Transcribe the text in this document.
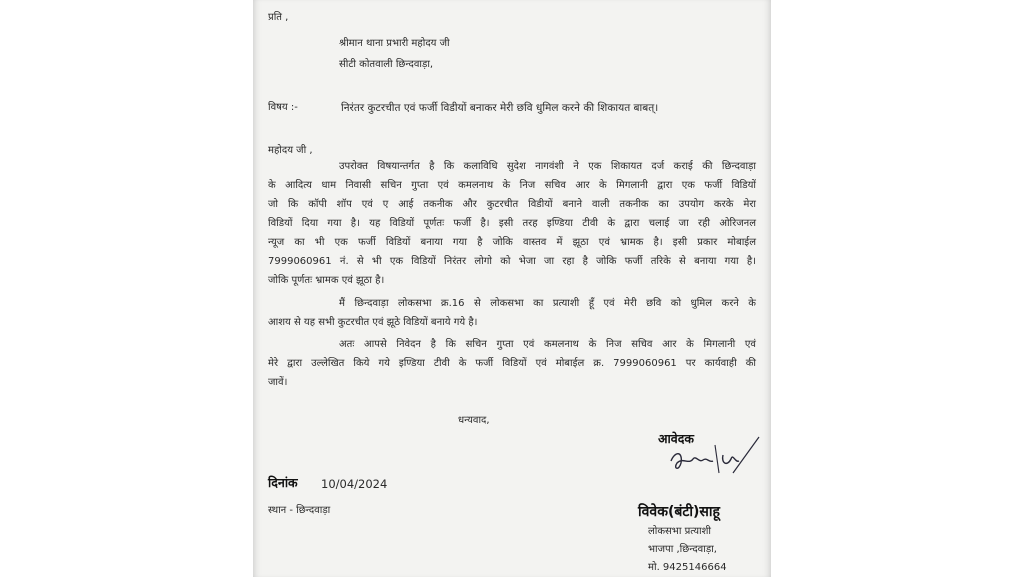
प्रति ,
श्रीमान थाना प्रभारी महोदय जी
सीटी कोतवाली छिन्दवाड़ा,
विषय :-	निरंतर कुटरचीत एवं फर्जी विडीयों बनाकर मेरी छवि धुमिल करने की शिकायत बाबत्।
महोदय जी ,
उपरोक्त विषयान्तर्गत है कि कलाविधि सुदेश नागवंशी ने एक शिकायत दर्ज कराई की छिन्दवाड़ा
के आदित्य धाम निवासी सचिन गुप्ता एवं कमलनाथ के निज सचिव आर के मिगलानी द्वारा एक फर्जी विडियों
जो कि कॉपी शॉप एवं ए आई तकनीक और कुटरचीत विडीयों बनाने वाली तकनीक का उपयोग करके मेरा
विडियों दिया गया है। यह विडियों पूर्णतः फर्जी है। इसी तरह इण्डिया टीवी के द्वारा चलाई जा रही ओरिजनल
न्यूज का भी एक फर्जी विडियों बनाया गया है जोकि वास्तव में झूठा एवं भ्रामक है। इसी प्रकार मोबाईल
7999060961 नं. से भी एक विडियों निरंतर लोगो को भेजा जा रहा है जोकि फर्जी तरिके से बनाया गया है।
जोकि पूर्णतः भ्रामक एवं झूठा है।
मैं छिन्दवाड़ा लोकसभा क्र.16 से लोकसभा का प्रत्याशी हूँ एवं मेरी छवि को धुमिल करने के
आशय से यह सभी कुटरचीत एवं झूठे विडियों बनाये गये है।
अतः आपसे निवेदन है कि सचिन गुप्ता एवं कमलनाथ के निज सचिव आर के मिगलानी एवं
मेरे द्वारा उल्लेखित किये गये इण्डिया टीवी के फर्जी विडियों एवं मोबाईल क्र. 7999060961 पर कार्यवाही की
जावें।
धन्यवाद,
आवेदक
दिनांक 10/04/2024
स्थान - छिन्दवाड़ा	विवेक(बंटी)साहू
लोकसभा प्रत्याशी
भाजपा ,छिन्दवाड़ा,
मो. 9425146664
